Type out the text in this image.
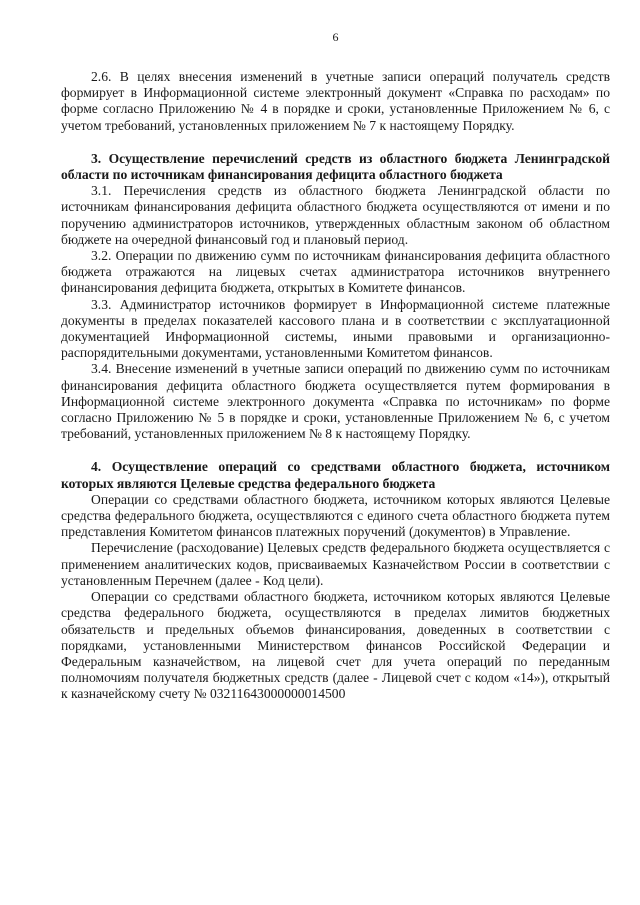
6

2.6. В целях внесения изменений в учетные записи операций получатель средств формирует в Информационной системе электронный документ «Справка по расходам» по форме согласно Приложению № 4 в порядке и сроки, установленные Приложением № 6, с учетом требований, установленных приложением № 7 к настоящему Порядку.

3. Осуществление перечислений средств из областного бюджета Ленинградской области по источникам финансирования дефицита областного бюджета

3.1. Перечисления средств из областного бюджета Ленинградской области по источникам финансирования дефицита областного бюджета осуществляются от имени и по поручению администраторов источников, утвержденных областным законом об областном бюджете на очередной финансовый год и плановый период.

3.2. Операции по движению сумм по источникам финансирования дефицита областного бюджета отражаются на лицевых счетах администратора источников внутреннего финансирования дефицита бюджета, открытых в Комитете финансов.

3.3. Администратор источников формирует в Информационной системе платежные документы в пределах показателей кассового плана и в соответствии с эксплуатационной документацией Информационной системы, иными правовыми и организационно-распорядительными документами, установленными Комитетом финансов.

3.4. Внесение изменений в учетные записи операций по движению сумм по источникам финансирования дефицита областного бюджета осуществляется путем формирования в Информационной системе электронного документа «Справка по источникам» по форме согласно Приложению № 5 в порядке и сроки, установленные Приложением № 6, с учетом требований, установленных приложением № 8 к настоящему Порядку.

4. Осуществление операций со средствами областного бюджета, источником которых являются Целевые средства федерального бюджета

Операции со средствами областного бюджета, источником которых являются Целевые средства федерального бюджета, осуществляются с единого счета областного бюджета путем представления Комитетом финансов платежных поручений (документов) в Управление.

Перечисление (расходование) Целевых средств федерального бюджета осуществляется с применением аналитических кодов, присваиваемых Казначейством России в соответствии с установленным Перечнем (далее - Код цели).

Операции со средствами областного бюджета, источником которых являются Целевые средства федерального бюджета, осуществляются в пределах лимитов бюджетных обязательств и предельных объемов финансирования, доведенных в соответствии с порядками, установленными Министерством финансов Российской Федерации и Федеральным казначейством, на лицевой счет для учета операций по переданным полномочиям получателя бюджетных средств (далее - Лицевой счет с кодом «14»), открытый к казначейскому счету № 03211643000000014500
